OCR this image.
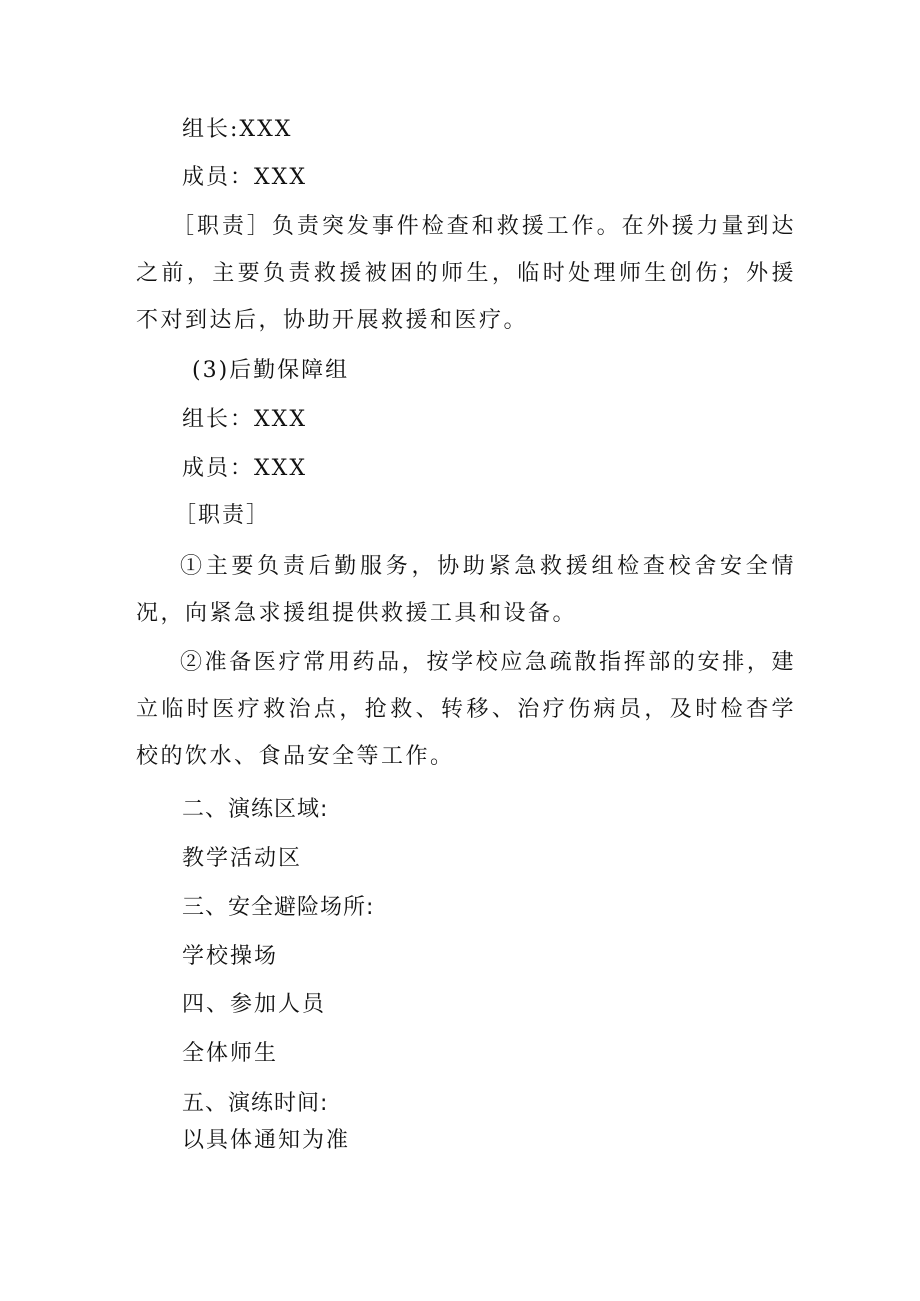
组长:XXX
成员：XXX
［职责］负责突发事件检查和救援工作。在外援力量到达之前，主要负责救援被困的师生，临时处理师生创伤；外援不对到达后，协助开展救援和医疗。
(3)后勤保障组
组长：XXX
成员：XXX
［职责］
①主要负责后勤服务，协助紧急救援组检查校舍安全情况，向紧急求援组提供救援工具和设备。
②准备医疗常用药品，按学校应急疏散指挥部的安排，建立临时医疗救治点，抢救、转移、治疗伤病员，及时检杳学校的饮水、食品安全等工作。
二、演练区域:
教学活动区
三、安全避险场所:
学校操场
四、参加人员
全体师生
五、演练时间:
以具体通知为准
